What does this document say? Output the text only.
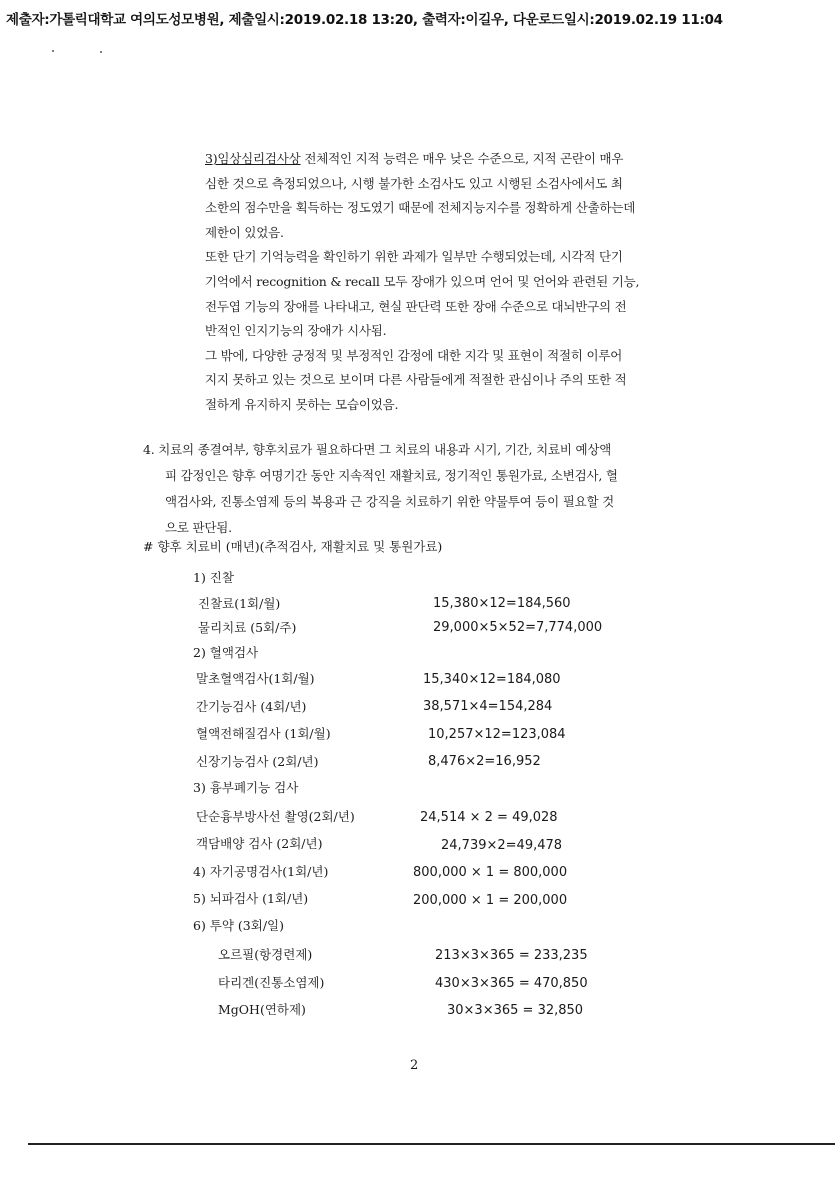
제출자:가톨릭대학교 여의도성모병원, 제출일시:2019.02.18 13:20, 출력자:이길우, 다운로드일시:2019.02.19 11:04
3)임상심리검사상 전체적인 지적 능력은 매우 낮은 수준으로, 지적 곤란이 매우
심한 것으로 측정되었으나, 시행 불가한 소검사도 있고 시행된 소검사에서도 최
소한의 점수만을 획득하는 정도였기 때문에 전체지능지수를 정확하게 산출하는데
제한이 있었음.
또한 단기 기억능력을 확인하기 위한 과제가 일부만 수행되었는데, 시각적 단기
기억에서 recognition & recall 모두 장애가 있으며 언어 및 언어와 관련된 기능,
전두엽 기능의 장애를 나타내고, 현실 판단력 또한 장애 수준으로 대뇌반구의 전
반적인 인지기능의 장애가 시사됨.
그 밖에, 다양한 긍정적 및 부정적인 감정에 대한 지각 및 표현이 적절히 이루어
지지 못하고 있는 것으로 보이며 다른 사람들에게 적절한 관심이나 주의 또한 적
절하게 유지하지 못하는 모습이었음.
4. 치료의 종결여부, 향후치료가 필요하다면 그 치료의 내용과 시기, 기간, 치료비 예상액
피 감정인은 향후 여명기간 동안 지속적인 재활치료, 정기적인 통원가료, 소변검사, 혈
액검사와, 진통소염제 등의 복용과 근 강직을 치료하기 위한 약물투여 등이 필요할 것
으로 판단됨.
# 향후 치료비 (매년)(추적검사, 재활치료 및 통원가료)
1) 진찰
진찰료(1회/월)	15,380×12=184,560
물리치료 (5회/주)	29,000×5×52=7,774,000
2) 혈액검사
말초혈액검사(1회/월)	15,340×12=184,080
간기능검사 (4회/년)	38,571×4=154,284
혈액전해질검사 (1회/월)	10,257×12=123,084
신장기능검사 (2회/년)	8,476×2=16,952
3) 흉부폐기능 검사
단순흉부방사선 촬영(2회/년)	24,514 × 2 = 49,028
객담배양 검사 (2회/년)	24,739×2=49,478
4) 자기공명검사(1회/년)	800,000 × 1 = 800,000
5) 뇌파검사 (1회/년)	200,000 × 1 = 200,000
6) 투약 (3회/일)
오르필(항경련제)	213×3×365 = 233,235
타리겐(진통소염제)	430×3×365 = 470,850
MgOH(연하제)	30×3×365 = 32,850
2
